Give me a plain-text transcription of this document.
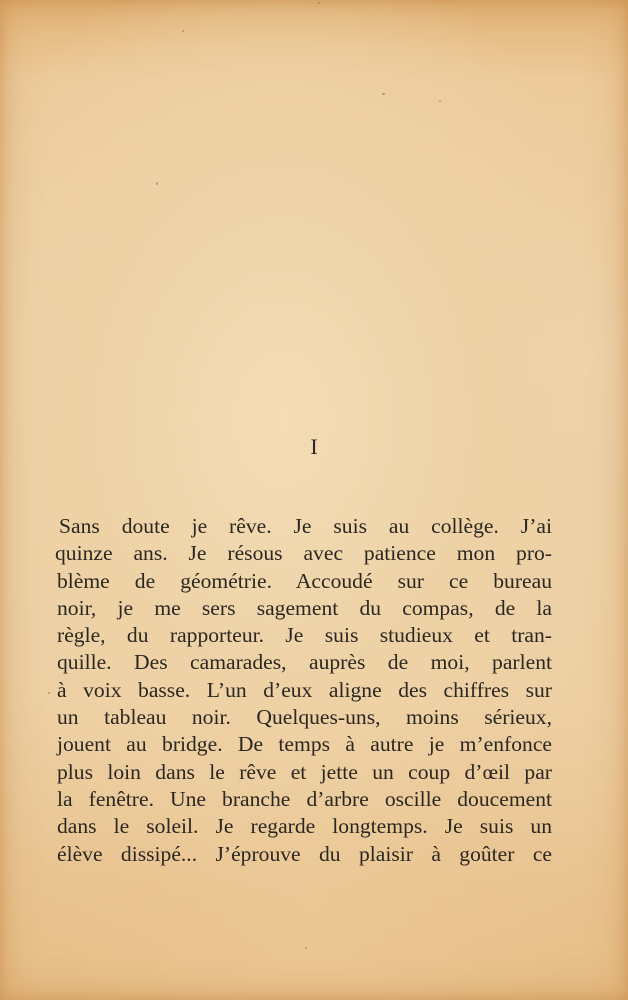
I
Sans doute je rêve. Je suis au collège. J’ai
quinze ans. Je résous avec patience mon pro-
blème de géométrie. Accoudé sur ce bureau
noir, je me sers sagement du compas, de la
règle, du rapporteur. Je suis studieux et tran-
quille. Des camarades, auprès de moi, parlent
à voix basse. L’un d’eux aligne des chiffres sur
un tableau noir. Quelques-uns, moins sérieux,
jouent au bridge. De temps à autre je m’enfonce
plus loin dans le rêve et jette un coup d’œil par
la fenêtre. Une branche d’arbre oscille doucement
dans le soleil. Je regarde longtemps. Je suis un
élève dissipé... J’éprouve du plaisir à goûter ce
